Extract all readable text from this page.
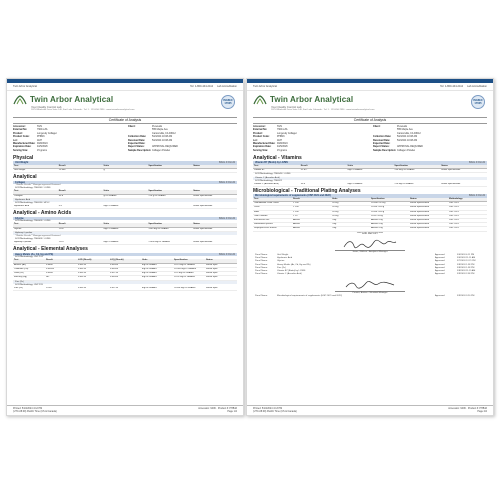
Twin Arbor Analytical	Tel: 1-800-444-2112 Lab Accreditation
Twin Arbor Analytical
Your Quality Control Lab
1875 Brookside Drive Suite 140, Fort Lake Colorado · Tel: 1 · 123-456-7890 · www.twinarboranalytical.com
ISO/IEC 17025
Certificate of Analysis
Accession:	SVN	Client:	PureLabs
External No:	79041-ZA	555 Maple Ave
Product:	Longevity Collagen	Carsonvilla, CA 93012
Product Code:	PHB16	Collection Date:	5/2/2024 10:08 AM
Lot:	1187	Received Date:	5/2/2024 10:08 AM
Manufactured Date: 9/28/2024	Expected Date:
Expiration Date:	4/25/2026	Report Status:	APPROVAL REQUIRED
Serving Size:	15 grams	Sample Description: Collagen Powder
Physical
Unit Weight	BACL 9 Oct 22
Test	Result	Units	Specification	Status
Unit Weight	15.486	g		
Analytical
Collagen	BACL 9 Oct 22
**Biolabs Results** Manager-approved Reviewed
SOP/Methodology: TM4030 / LC/MS
Test	Result	Units	Specification	Status
Collagen	35.8	g/15 GRAMS	>10 g/15 GRAMS	Within Specification
Hyaluronic Acid
SOP/Methodology: TM4035 / HPLC
Hyaluronic Acid	5.4	mg/15 GRAMS		Within Specification
Analytical - Amino Acids
Glycine	BACL 9 Oct 22
SOP/Methodology: TM4069 / LC/MS
Test	Result	Units	Specification	Status
Glycine	1130	mg/15 GRAMS	>900 mg/15 GRAMS	Within Specification
Hydroxy-L-proline
**Biolabs Results** Manager-approved Reviewed
SOP/Methodology: TM4069 / LC/MS
Hydroxy-L-proline	1210	mg/15 GRAMS	>1000 mg/15 GRAMS	Within Specification
Analytical - Elemental Analyses
Heavy Metals (As, Cd, Hg and Pb)	BACL 9 Oct 22
SOP/Methodology: USP 233
Test	Result	LOD (Result)	LOQ (Result)	Units	Specification	Status
Arsenic (As)	0.0480	0.00134	0.00268	mg/15 GRAMS	<0.15 mg/15 GRAMS	Within Spec
Cadmium (Cd)	0.00454	0.00134	0.00268	mg/15 GRAMS	<0.005 mg/15 GRAMS	Within Spec
Lead (Pb)	0.4368	0.00134	0.02739	mg/15 GRAMS	<0.5 mg/15 GRAMS	Within Spec
Mercury (Hg)	ND	0.00134	0.00268	mg/15 GRAMS	<0.02 mg/15 GRAMS	Within Spec
Zinc (Zn)
SOP/Methodology: USP 233
Zinc (Zn)	23.04	0.00134	0.02739	mg/15 GRAMS	>1000 mg/15 GRAMS	Within Spec
Printed: 5/10/2024 4:12 PM
(UTC-08:00) Pacific Time (US & Canada)
Accession: 9406 · Product #: PHB16
Page 1/2
Twin Arbor Analytical	Tel: 1-800-444-2112 Lab Accreditation
Twin Arbor Analytical
Your Quality Control Lab
1875 Brookside Drive Suite 140, Fort Lake Colorado · Tel: 1 · 123-456-7890 · www.twinarboranalytical.com
ISO/IEC 17025
Certificate of Analysis
Accession:	SVN	Client:	PureLabs
External No:	79041-ZA	555 Maple Ave
Product:	Longevity Collagen	Carsonvilla, CA 93012
Product Code:	PHB16	Collection Date:	5/2/2024 10:08 AM
Lot:	1187	Received Date:	5/2/2024 10:08 AM
Manufactured Date: 9/28/2024	Expected Date:
Expiration Date:	4/25/2026	Report Status:	APPROVAL REQUIRED
Serving Size:	15 grams	Sample Description: Collagen Powder
Analytical - Vitamins
Vitamin B7 (Biotin) by LC/MS	BACL 9 Oct 22
Test	Result	Units	Specification	Status
Vitamin B7	52.877	mg/15 GRAMS	>30 mcg/15 GRAMS	Within Specification
SOP/Methodology: TM4045 / LC/MS
Vitamin C (Ascorbic Acid)
SOP/Methodology: TM4022
Vitamin C (Ascorbic Acid)	30.6	mg/15 GRAMS	>10 mg/15 GRAMS	Within Specification
Microbiological - Traditional Plating Analyses
Microbiological requirements of supplements (USP 2021 and 2022)	BACL 9 Oct 22
Test	Result	Units	Specification	Status	Methodology
Total Aerobic Plate Count	< 100	CFU/g	<10000 CFU/g	Within Specification	USP 2021
Yeast	< 100	CFU/g	<1000 CFU/g	Within Specification	USP 2021
Mold	< 100	CFU/g	<1000 CFU/g	Within Specification	USP 2021
Total Coliform	< 10	CFU/g	<100 CFU/g	Within Specification	USP 2021
Escherichia coli	Absent	/10g	Absent /10g	Within Specification	USP 2022
Salmonella species	Absent	/10g	Absent /10g	Within Specification	USP 2022
Staphylococcus aureus	Absent	/10g	Absent /10g	Within Specification	USP 2022
***** END REPORT *****
Jones, Wallace - Analytical Manager
Panel Name:	Unit Weight	Approved:	5/6/2024 4:11 PM
Panel Name:	Hyaluronic Acid	Approved:	5/6/2024 11:11 AM
Panel Name:	Glycine	Approved:	5/7/2024 12:21 PM
Panel Name:	Heavy Metals (As, Cd, Hg and Pb)	Approved:	5/8/2024 1:38 PM
Panel Name:	Zinc (Zn)	Approved:	5/8/2024 1:38 PM
Panel Name:	Vitamin B7 (Biotin) by LC/MS	Approved:	5/8/2024 11:15 AM
Panel Name:	Vitamin C (Ascorbic Acid)	Approved:	5/9/2024 2:58 PM
Pereira, Aristeo - Microbial Manager
Panel Name:	Microbiological requirements of supplements (USP 2021 and 2022)	Approved:	5/9/2024 3:20 PM
Printed: 5/10/2024 4:13 PM
(UTC-08:00) Pacific Time (US & Canada)
Accession: 9406 · Product #: PHB16
Page 2/2
